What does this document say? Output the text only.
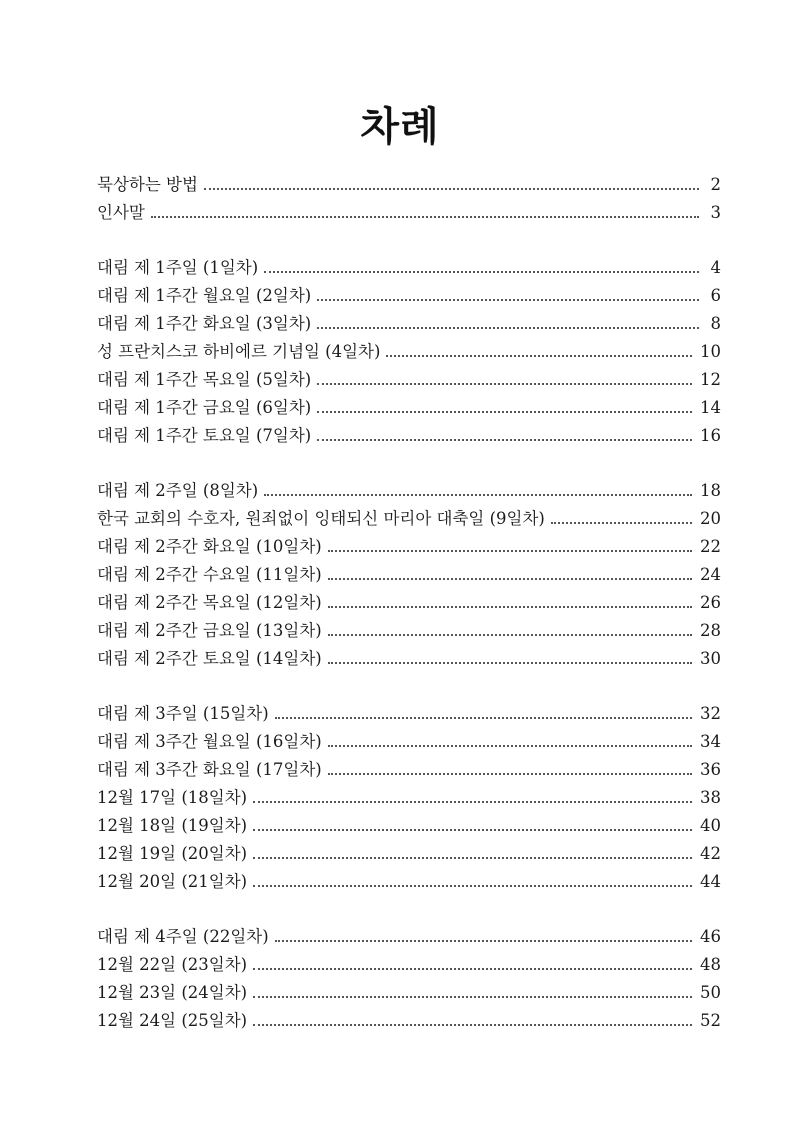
차례
묵상하는 방법	2
인사말	3
대림 제 1주일 (1일차)	4
대림 제 1주간 월요일 (2일차)	6
대림 제 1주간 화요일 (3일차)	8
성 프란치스코 하비에르 기념일 (4일차)	10
대림 제 1주간 목요일 (5일차)	12
대림 제 1주간 금요일 (6일차)	14
대림 제 1주간 토요일 (7일차)	16
대림 제 2주일 (8일차)	18
한국 교회의 수호자, 원죄없이 잉태되신 마리아 대축일 (9일차)	20
대림 제 2주간 화요일 (10일차)	22
대림 제 2주간 수요일 (11일차)	24
대림 제 2주간 목요일 (12일차)	26
대림 제 2주간 금요일 (13일차)	28
대림 제 2주간 토요일 (14일차)	30
대림 제 3주일 (15일차)	32
대림 제 3주간 월요일 (16일차)	34
대림 제 3주간 화요일 (17일차)	36
12월 17일 (18일차)	38
12월 18일 (19일차)	40
12월 19일 (20일차)	42
12월 20일 (21일차)	44
대림 제 4주일 (22일차)	46
12월 22일 (23일차)	48
12월 23일 (24일차)	50
12월 24일 (25일차)	52
